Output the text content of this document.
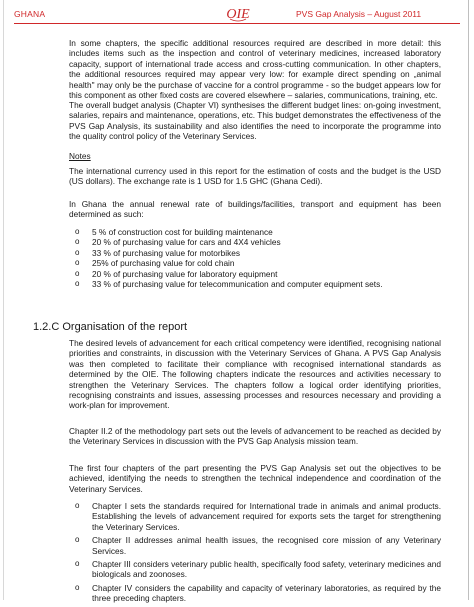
GHANA	OIE	PVS Gap Analysis – August 2011

In some chapters, the specific additional resources required are described in more detail: this includes items such as the inspection and control of veterinary medicines, increased laboratory capacity, support of international trade access and cross-cutting communication. In other chapters, the additional resources required may appear very low: for example direct spending on „animal health" may only be the purchase of vaccine for a control programme - so the budget appears low for this component as other fixed costs are covered elsewhere – salaries, communications, training, etc.

The overall budget analysis (Chapter VI) synthesises the different budget lines: on-going investment, salaries, repairs and maintenance, operations, etc. This budget demonstrates the effectiveness of the PVS Gap Analysis, its sustainability and also identifies the need to incorporate the programme into the quality control policy of the Veterinary Services.

Notes

The international currency used in this report for the estimation of costs and the budget is the USD (US dollars). The exchange rate is 1 USD for 1.5 GHC (Ghana Cedi).

In Ghana the annual renewal rate of buildings/facilities, transport and equipment has been determined as such:

o 5 % of construction cost for building maintenance
o 20 % of purchasing value for cars and 4X4 vehicles
o 33 % of purchasing value for motorbikes
o 25% of purchasing value for cold chain
o 20 % of purchasing value for laboratory equipment
o 33 % of purchasing value for telecommunication and computer equipment sets.
1.2.C Organisation of the report

The desired levels of advancement for each critical competency were identified, recognising national priorities and constraints, in discussion with the Veterinary Services of Ghana. A PVS Gap Analysis was then completed to facilitate their compliance with recognised international standards as determined by the OIE. The following chapters indicate the resources and activities necessary to strengthen the Veterinary Services. The chapters follow a logical order identifying priorities, recognising constraints and issues, assessing processes and resources necessary and providing a work-plan for improvement.

Chapter II.2 of the methodology part sets out the levels of advancement to be reached as decided by the Veterinary Services in discussion with the PVS Gap Analysis mission team.

The first four chapters of the part presenting the PVS Gap Analysis set out the objectives to be achieved, identifying the needs to strengthen the technical independence and coordination of the Veterinary Services.

o Chapter I sets the standards required for International trade in animals and animal products. Establishing the levels of advancement required for exports sets the target for strengthening the Veterinary Services.
o Chapter II addresses animal health issues, the recognised core mission of any Veterinary Services.
o Chapter III considers veterinary public health, specifically food safety, veterinary medicines and biologicals and zoonoses.
o Chapter IV considers the capability and capacity of veterinary laboratories, as required by the three preceding chapters.
